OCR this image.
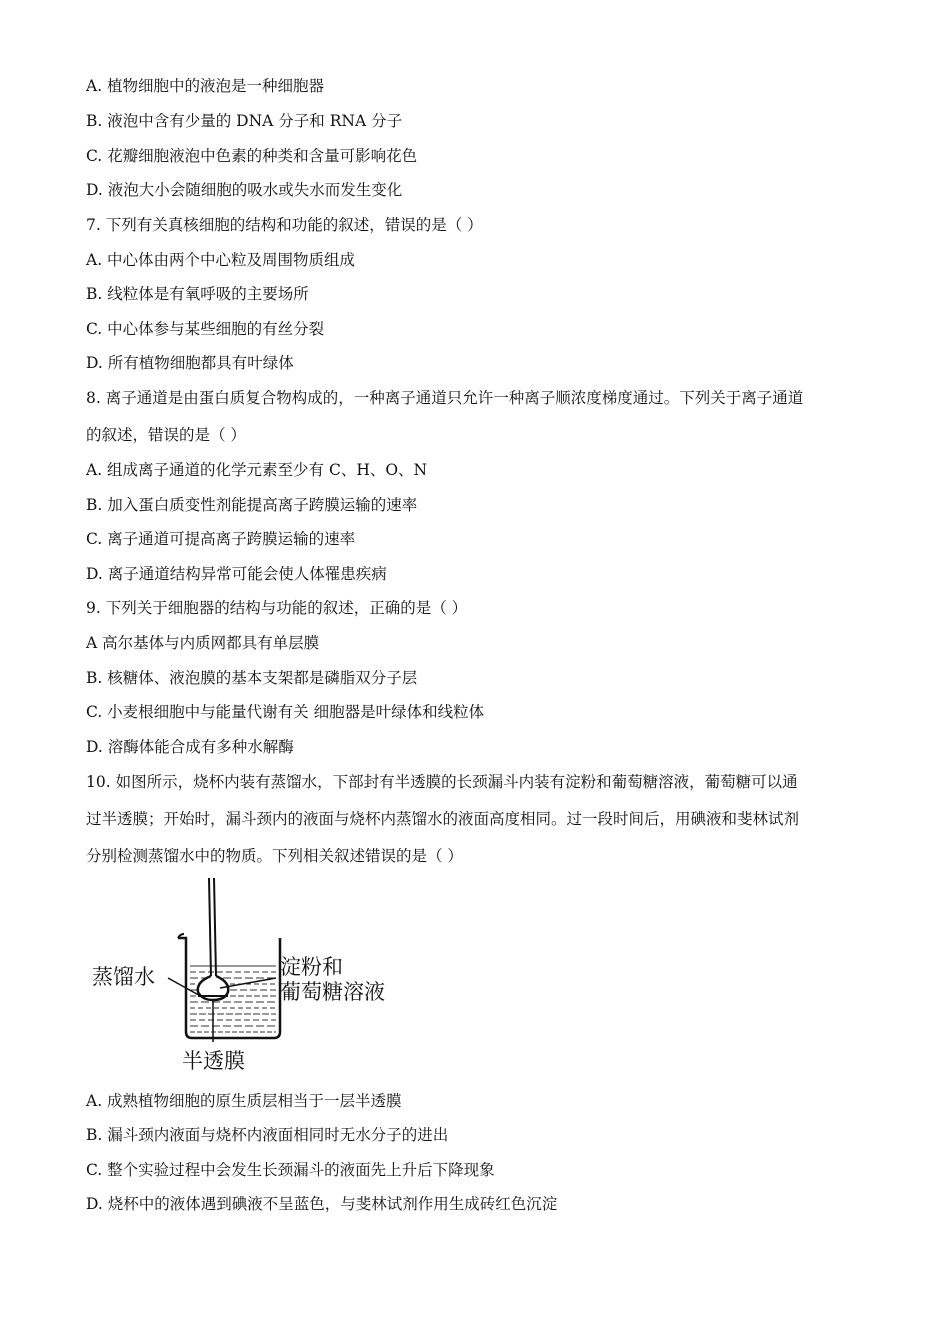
A. 植物细胞中的液泡是一种细胞器
B. 液泡中含有少量的 DNA 分子和 RNA 分子
C. 花瓣细胞液泡中色素的种类和含量可影响花色
D. 液泡大小会随细胞的吸水或失水而发生变化
7. 下列有关真核细胞的结构和功能的叙述，错误的是（ ）
A. 中心体由两个中心粒及周围物质组成
B. 线粒体是有氧呼吸的主要场所
C. 中心体参与某些细胞的有丝分裂
D. 所有植物细胞都具有叶绿体
8. 离子通道是由蛋白质复合物构成的，一种离子通道只允许一种离子顺浓度梯度通过。下列关于离子通道
的叙述，错误的是（ ）
A. 组成离子通道的化学元素至少有 C、H、O、N
B. 加入蛋白质变性剂能提高离子跨膜运输的速率
C. 离子通道可提高离子跨膜运输的速率
D. 离子通道结构异常可能会使人体罹患疾病
9. 下列关于细胞器的结构与功能的叙述，正确的是（ ）
A 高尔基体与内质网都具有单层膜
B. 核糖体、液泡膜的基本支架都是磷脂双分子层
C. 小麦根细胞中与能量代谢有关 细胞器是叶绿体和线粒体
D. 溶酶体能合成有多种水解酶
10. 如图所示，烧杯内装有蒸馏水，下部封有半透膜的长颈漏斗内装有淀粉和葡萄糖溶液，葡萄糖可以通
过半透膜；开始时，漏斗颈内的液面与烧杯内蒸馏水的液面高度相同。过一段时间后，用碘液和斐林试剂
分别检测蒸馏水中的物质。下列相关叙述错误的是（ ）
蒸馏水	淀粉和
葡萄糖溶液
半透膜
A. 成熟植物细胞的原生质层相当于一层半透膜
B. 漏斗颈内液面与烧杯内液面相同时无水分子的进出
C. 整个实验过程中会发生长颈漏斗的液面先上升后下降现象
D. 烧杯中的液体遇到碘液不呈蓝色，与斐林试剂作用生成砖红色沉淀
